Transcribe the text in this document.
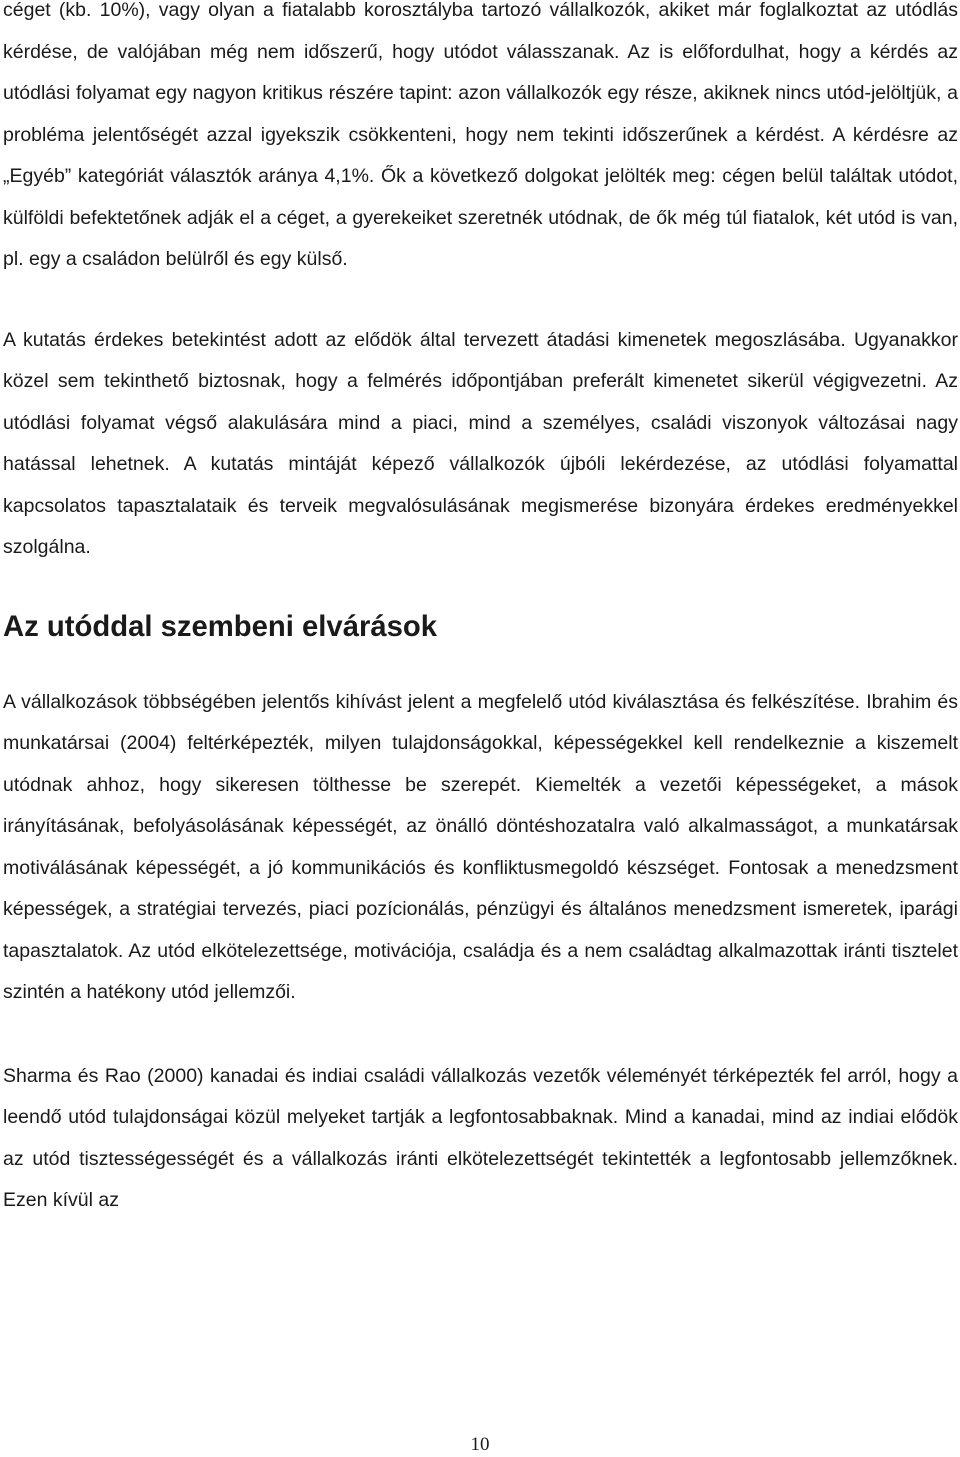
céget (kb. 10%), vagy olyan a fiatalabb korosztályba tartozó vállalkozók, akiket már foglalkoztat az utódlás kérdése, de valójában még nem időszerű, hogy utódot válasszanak. Az is előfordulhat, hogy a kérdés az utódlási folyamat egy nagyon kritikus részére tapint: azon vállalkozók egy része, akiknek nincs utód-jelöltjük, a probléma jelentőségét azzal igyekszik csökkenteni, hogy nem tekinti időszerűnek a kérdést. A kérdésre az „Egyéb” kategóriát választók aránya 4,1%. Ők a következő dolgokat jelölték meg: cégen belül találtak utódot, külföldi befektetőnek adják el a céget, a gyerekeiket szeretnék utódnak, de ők még túl fiatalok, két utód is van, pl. egy a családon belülről és egy külső.

A kutatás érdekes betekintést adott az elődök által tervezett átadási kimenetek megoszlásába. Ugyanakkor közel sem tekinthető biztosnak, hogy a felmérés időpontjában preferált kimenetet sikerül végigvezetni. Az utódlási folyamat végső alakulására mind a piaci, mind a személyes, családi viszonyok változásai nagy hatással lehetnek. A kutatás mintáját képező vállalkozók újbóli lekérdezése, az utódlási folyamattal kapcsolatos tapasztalataik és terveik megvalósulásának megismerése bizonyára érdekes eredményekkel szolgálna.

Az utóddal szembeni elvárások

A vállalkozások többségében jelentős kihívást jelent a megfelelő utód kiválasztása és felkészítése. Ibrahim és munkatársai (2004) feltérképezték, milyen tulajdonságokkal, képességekkel kell rendelkeznie a kiszemelt utódnak ahhoz, hogy sikeresen tölthesse be szerepét. Kiemelték a vezetői képességeket, a mások irányításának, befolyásolásának képességét, az önálló döntéshozatalra való alkalmasságot, a munkatársak motiválásának képességét, a jó kommunikációs és konfliktusmegoldó készséget. Fontosak a menedzsment képességek, a stratégiai tervezés, piaci pozícionálás, pénzügyi és általános menedzsment ismeretek, iparági tapasztalatok. Az utód elkötelezettsége, motivációja, családja és a nem családtag alkalmazottak iránti tisztelet szintén a hatékony utód jellemzői.

Sharma és Rao (2000) kanadai és indiai családi vállalkozás vezetők véleményét térképezték fel arról, hogy a leendő utód tulajdonságai közül melyeket tartják a legfontosabbaknak. Mind a kanadai, mind az indiai elődök az utód tisztességességét és a vállalkozás iránti elkötelezettségét tekintették a legfontosabb jellemzőknek. Ezen kívül az

10
